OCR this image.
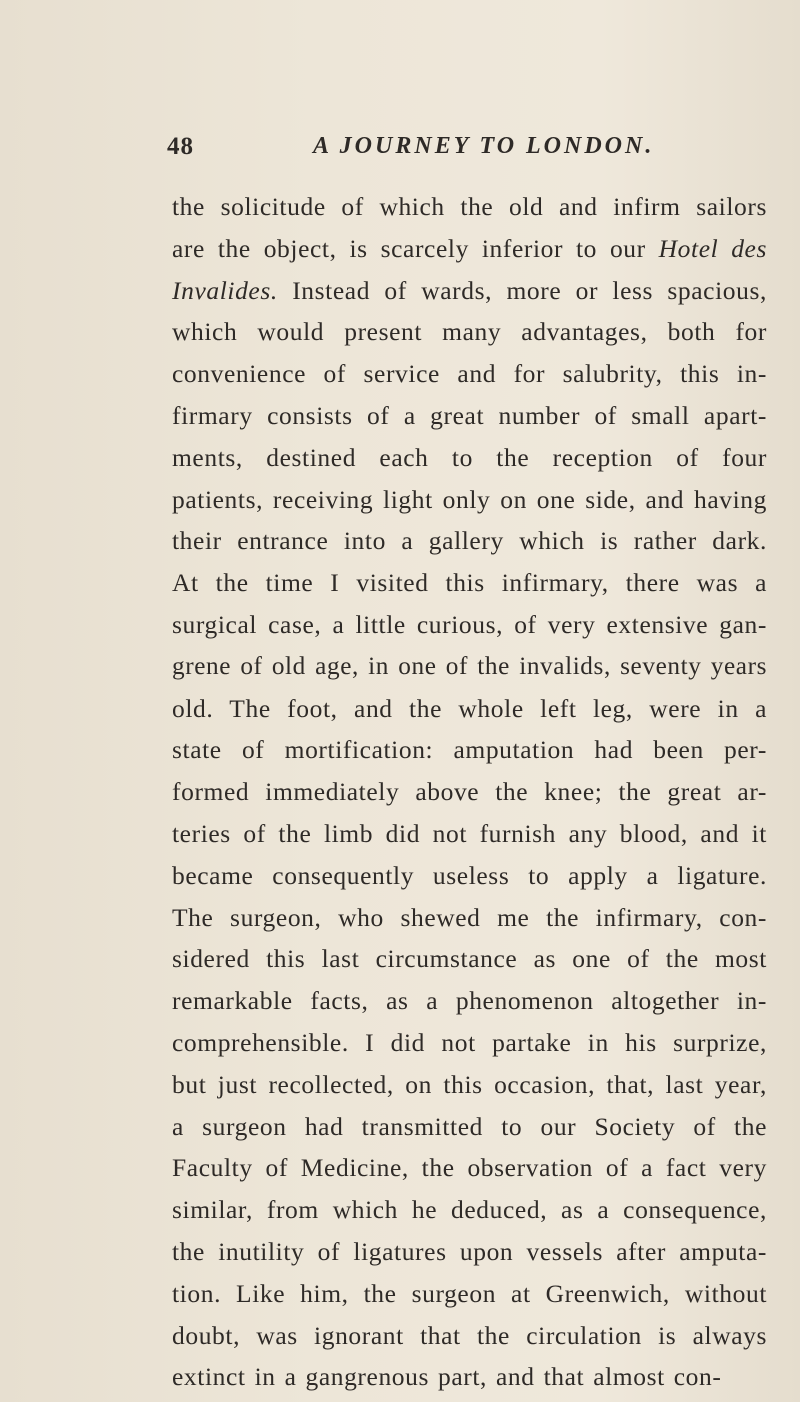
48	A JOURNEY TO LONDON.
the solicitude of which the old and infirm sailors
are the object, is scarcely inferior to our Hotel des
Invalides. Instead of wards, more or less spacious,
which would present many advantages, both for
convenience of service and for salubrity, this in-
firmary consists of a great number of small apart-
ments, destined each to the reception of four
patients, receiving light only on one side, and having
their entrance into a gallery which is rather dark.
At the time I visited this infirmary, there was a
surgical case, a little curious, of very extensive gan-
grene of old age, in one of the invalids, seventy years
old. The foot, and the whole left leg, were in a
state of mortification: amputation had been per-
formed immediately above the knee; the great ar-
teries of the limb did not furnish any blood, and it
became consequently useless to apply a ligature.
The surgeon, who shewed me the infirmary, con-
sidered this last circumstance as one of the most
remarkable facts, as a phenomenon altogether in-
comprehensible. I did not partake in his surprize,
but just recollected, on this occasion, that, last year,
a surgeon had transmitted to our Society of the
Faculty of Medicine, the observation of a fact very
similar, from which he deduced, as a consequence,
the inutility of ligatures upon vessels after amputa-
tion. Like him, the surgeon at Greenwich, without
doubt, was ignorant that the circulation is always
extinct in a gangrenous part, and that almost con-
